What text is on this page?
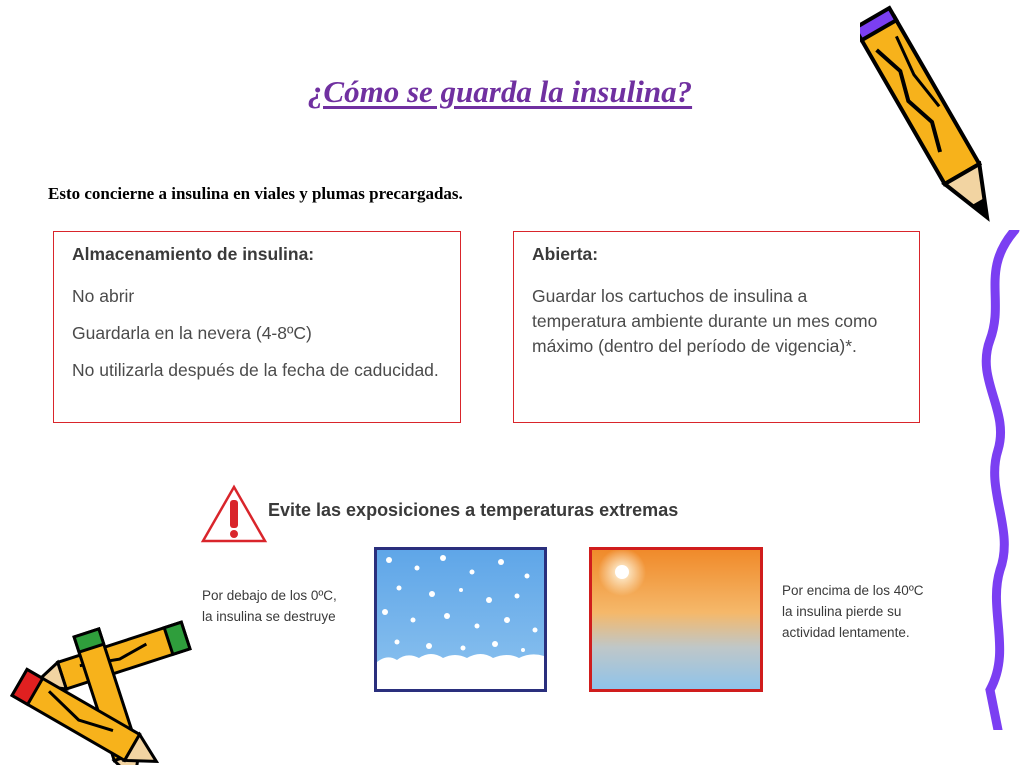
¿Cómo se guarda la insulina?

Esto concierne a insulina en viales y plumas precargadas.

Almacenamiento de insulina:

No abrir

Guardarla en la nevera (4-8ºC)

No utilizarla después de la fecha de caducidad.

Abierta:

Guardar los cartuchos de insulina a temperatura ambiente durante un mes como máximo (dentro del período de vigencia)*.

Evite las exposiciones a temperaturas extremas

Por debajo de los 0ºC,
la insulina se destruye

Por encima de los 40ºC
la insulina pierde su
actividad lentamente.
